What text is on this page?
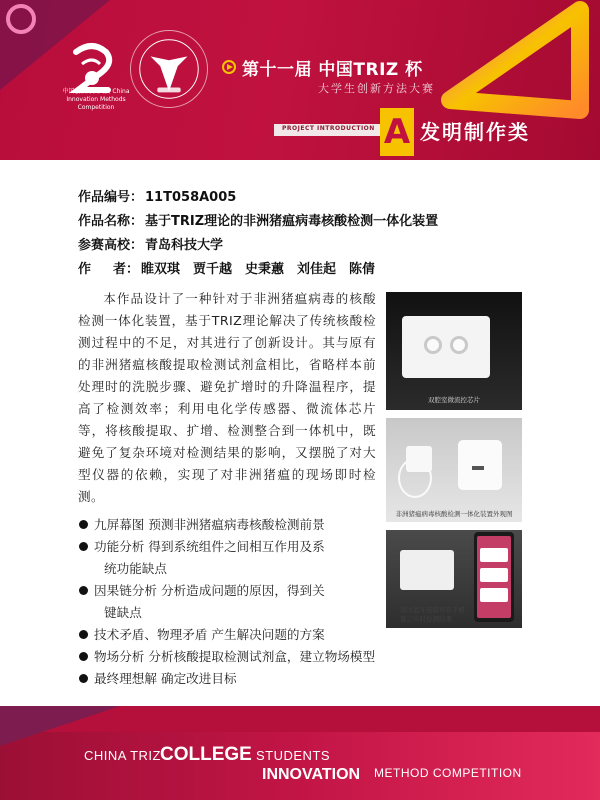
中国创新方法大赛 China Innovation Methods Competition
第十一届 中国TRIZ 杯
大学生创新方法大赛
PROJECT INTRODUCTION A 发明制作类
作品编号： 11T058A005
作品名称： 基于TRIZ理论的非洲猪瘟病毒核酸检测一体化装置
参赛高校： 青岛科技大学
作 者： 睢双琪　贾千越　史秉蕙　刘佳起　陈倩

本作品设计了一种针对于非洲猪瘟病毒的核酸检测一体化装置，基于TRIZ理论解决了传统核酸检测过程中的不足，对其进行了创新设计。其与原有的非洲猪瘟核酸提取检测试剂盒相比，省略样本前处理时的洗脱步骤、避免扩增时的升降温程序，提高了检测效率；利用电化学传感器、微流体芯片等，将核酸提取、扩增、检测整合到一体机中，既避免了复杂环境对检测结果的影响，又摆脱了对大型仪器的依赖，实现了对非洲猪瘟的现场即时检测。

九屏幕图 预测非洲猪瘟病毒核酸检测前景
功能分析 得到系统组件之间相互作用及系
统功能缺点
因果链分析 分析造成问题的原因，得到关
键缺点
技术矛盾、物理矛盾 产生解决问题的方案
物场分析 分析核酸提取检测试剂盒，建立物场模型
最终理想解 确定改进目标
双腔室微流控芯片
非洲猪瘟病毒核酸检测一体化装置外观图
通过蓝牙连接可在手机显示实时检测结果
CHINA TRIZ COLLEGE STUDENTS
INNOVATION METHOD COMPETITION
